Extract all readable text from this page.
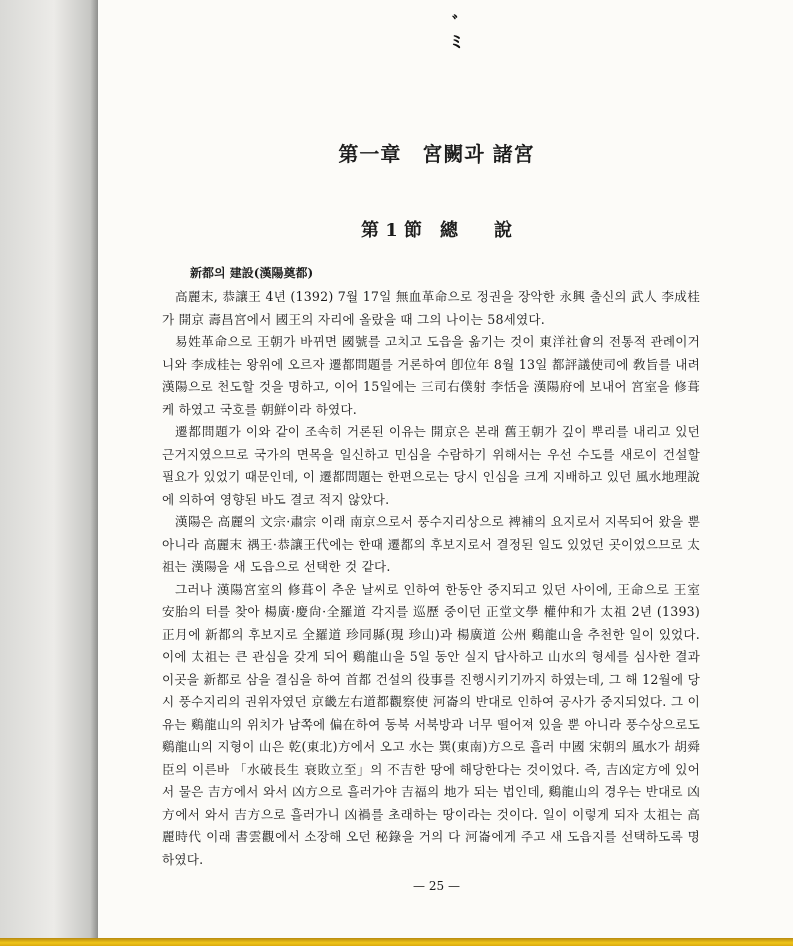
ﾞ
ﾐ
第一章　宮闕과 諸宮
第 1 節　總　　說
新都의 建設(漢陽奠都)

高麗末, 恭讓王 4년 (1392) 7월 17일 無血革命으로 정권을 장악한 永興 출신의 武人 李成桂가 開京 壽昌宮에서 國王의 자리에 올랐을 때 그의 나이는 58세였다.

易姓革命으로 王朝가 바뀌면 國號를 고치고 도읍을 옮기는 것이 東洋社會의 전통적 관례이거니와 李成桂는 왕위에 오르자 遷都問題를 거론하여 卽位年 8월 13일 都評議使司에 敎旨를 내려 漢陽으로 천도할 것을 명하고, 이어 15일에는 三司右僕射 李恬을 漢陽府에 보내어 宮室을 修葺케 하였고 국호를 朝鮮이라 하였다.

遷都問題가 이와 같이 조속히 거론된 이유는 開京은 본래 舊王朝가 깊이 뿌리를 내리고 있던 근거지였으므로 국가의 면목을 일신하고 민심을 수람하기 위해서는 우선 수도를 새로이 건설할 필요가 있었기 때문인데, 이 遷都問題는 한편으로는 당시 인심을 크게 지배하고 있던 風水地理說에 의하여 영향된 바도 결코 적지 않았다.

漢陽은 高麗의 文宗·肅宗 이래 南京으로서 풍수지리상으로 裨補의 요지로서 지목되어 왔을 뿐 아니라 高麗末 禑王·恭讓王代에는 한때 遷都의 후보지로서 결정된 일도 있었던 곳이었으므로 太祖는 漢陽을 새 도읍으로 선택한 것 같다.

그러나 漢陽宮室의 修葺이 추운 날씨로 인하여 한동안 중지되고 있던 사이에, 王命으로 王室安胎의 터를 찾아 楊廣·慶尙·全羅道 각지를 巡歷 중이던 正堂文學 權仲和가 太祖 2년 (1393) 正月에 新都의 후보지로 全羅道 珍同縣(現 珍山)과 楊廣道 公州 鷄龍山을 추천한 일이 있었다. 이에 太祖는 큰 관심을 갖게 되어 鷄龍山을 5일 동안 실지 답사하고 山水의 형세를 심사한 결과 이곳을 新都로 삼을 결심을 하여 首都 건설의 役事를 진행시키기까지 하였는데, 그 해 12월에 당시 풍수지리의 권위자였던 京畿左右道都觀察使 河崙의 반대로 인하여 공사가 중지되었다. 그 이유는 鷄龍山의 위치가 남쪽에 偏在하여 동북 서북방과 너무 떨어져 있을 뿐 아니라 풍수상으로도 鷄龍山의 지형이 山은 乾(東北)方에서 오고 水는 巽(東南)方으로 흘러 中國 宋朝의 風水가 胡舜臣의 이른바 「水破長生 衰敗立至」의 不吉한 땅에 해당한다는 것이었다. 즉, 吉凶定方에 있어서 물은 吉方에서 와서 凶方으로 흘러가야 吉福의 地가 되는 법인데, 鷄龍山의 경우는 반대로 凶方에서 와서 吉方으로 흘러가니 凶禍를 초래하는 땅이라는 것이다. 일이 이렇게 되자 太祖는 高麗時代 이래 書雲觀에서 소장해 오던 秘錄을 거의 다 河崙에게 주고 새 도읍지를 선택하도록 명하였다.

— 25 —
